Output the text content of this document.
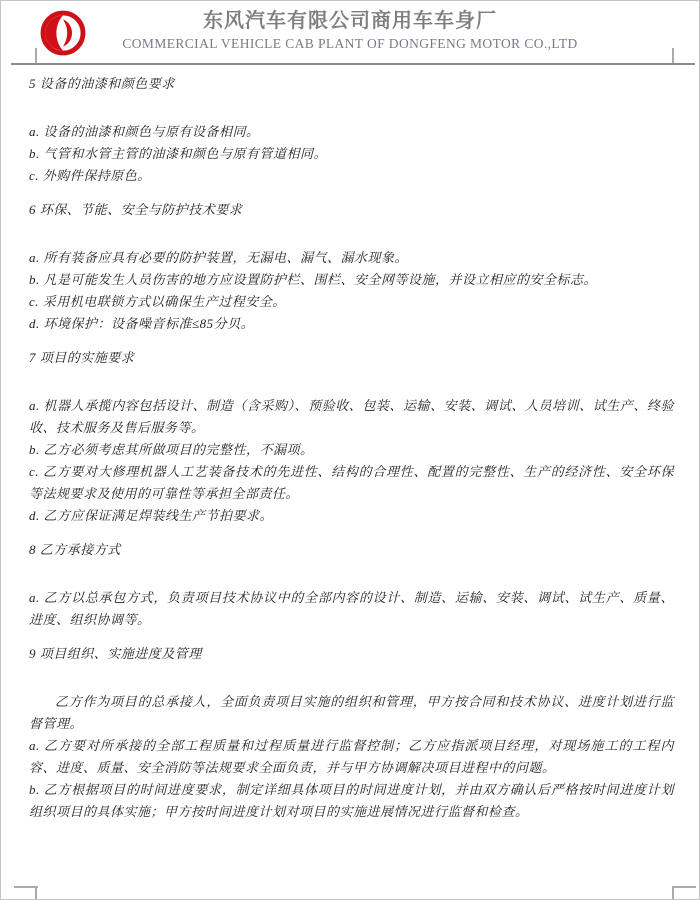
东风汽车有限公司商用车车身厂
COMMERCIAL VEHICLE CAB PLANT OF DONGFENG MOTOR CO.,LTD
5 设备的油漆和颜色要求

a. 设备的油漆和颜色与原有设备相同。

b. 气管和水管主管的油漆和颜色与原有管道相同。

c. 外购件保持原色。

6 环保、节能、安全与防护技术要求

a. 所有装备应具有必要的防护装置，无漏电、漏气、漏水现象。

b. 凡是可能发生人员伤害的地方应设置防护栏、围栏、安全网等设施，并设立相应的安全标志。

c. 采用机电联锁方式以确保生产过程安全。

d. 环境保护：设备噪音标准≤85分贝。

7 项目的实施要求

a. 机器人承揽内容包括设计、制造（含采购）、预验收、包装、运输、安装、调试、人员培训、试生产、终验收、技术服务及售后服务等。

b. 乙方必须考虑其所做项目的完整性，不漏项。

c. 乙方要对大修理机器人工艺装备技术的先进性、结构的合理性、配置的完整性、生产的经济性、安全环保等法规要求及使用的可靠性等承担全部责任。

d. 乙方应保证满足焊装线生产节拍要求。

8 乙方承接方式

a. 乙方以总承包方式，负责项目技术协议中的全部内容的设计、制造、运输、安装、调试、试生产、质量、进度、组织协调等。

9 项目组织、实施进度及管理

乙方作为项目的总承接人，全面负责项目实施的组织和管理，甲方按合同和技术协议、进度计划进行监督管理。

a. 乙方要对所承接的全部工程质量和过程质量进行监督控制；乙方应指派项目经理，对现场施工的工程内容、进度、质量、安全消防等法规要求全面负责，并与甲方协调解决项目进程中的问题。

b. 乙方根据项目的时间进度要求，制定详细具体项目的时间进度计划，并由双方确认后严格按时间进度计划组织项目的具体实施；甲方按时间进度计划对项目的实施进展情况进行监督和检查。
